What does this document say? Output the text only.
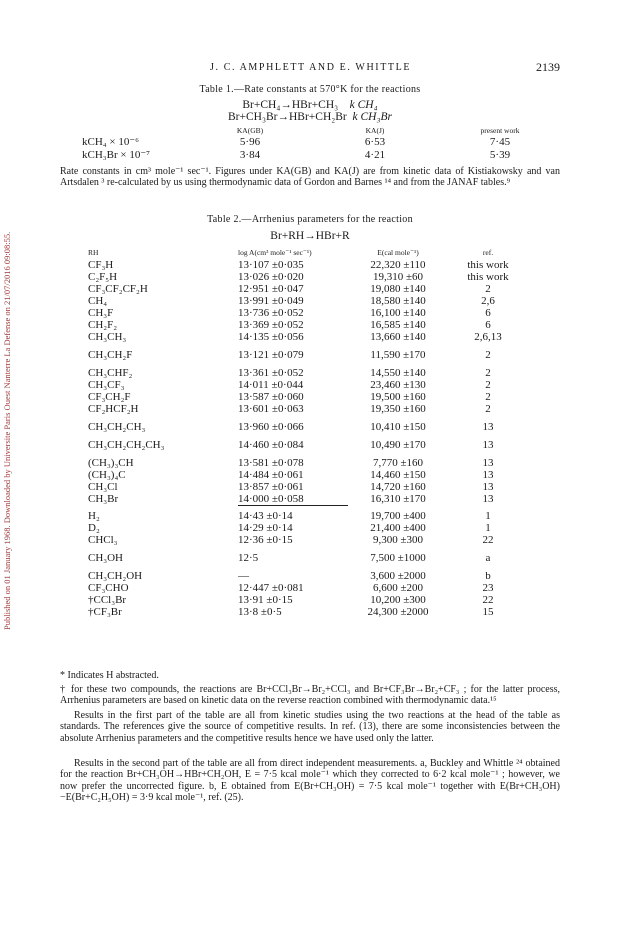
Published on 01 January 1968. Downloaded by Universite Paris Ouest Nanterre La Defense on 21/07/2016 09:08:55.
J. C. AMPHLETT AND E. WHITTLE	2139
Table 1.—Rate constants at 570°K for the reactions
Br+CH₄→HBr+CH₃ k CH₄
Br+CH₃Br→HBr+CH₂Br k CH₃Br
	KA(GB)	KA(J)	present work
kCH₄ × 10⁻⁶	5·96	6·53	7·45
kCH₃Br × 10⁻⁷	3·84	4·21	5·39
Rate constants in cm³ mole⁻¹ sec⁻¹. Figures under KA(GB) and KA(J) are from kinetic data of Kistiakowsky and van Artsdalen ³ re-calculated by us using thermodynamic data of Gordon and Barnes ¹⁴ and from the JANAF tables.⁹
Table 2.—Arrhenius parameters for the reaction
Br+RH→HBr+R
RH	log A(cm³ mole⁻¹ sec⁻¹)	E(cal mole⁻¹)	ref.
CF₃H	13·107 ±0·035	22,320 ±110	this work
C₂F₅H	13·026 ±0·020	19,310 ±60	this work
CF₃CF₂CF₂H	12·951 ±0·047	19,080 ±140	2
CH₄	13·991 ±0·049	18,580 ±140	2,6
CH₃F	13·736 ±0·052	16,100 ±140	6
CH₂F₂	13·369 ±0·052	16,585 ±140	6
CH₃CH₃	14·135 ±0·056	13,660 ±140	2,6,13
CH₃CH₂F	13·121 ±0·079	11,590 ±170	2
CH₃CHF₂	13·361 ±0·052	14,550 ±140	2
CH₃CF₃	14·011 ±0·044	23,460 ±130	2
CF₃CH₂F	13·587 ±0·060	19,500 ±160	2
CF₂HCF₂H	13·601 ±0·063	19,350 ±160	2
CH₃CH₂CH₃	13·960 ±0·066	10,410 ±150	13
CH₃CH₂CH₂CH₃	14·460 ±0·084	10,490 ±170	13
(CH₃)₃CH	13·581 ±0·078	7,770 ±160	13
(CH₃)₄C	14·484 ±0·061	14,460 ±150	13
CH₃Cl	13·857 ±0·061	14,720 ±160	13
CH₃Br	14·000 ±0·058	16,310 ±170	13
H₂	14·43 ±0·14	19,700 ±400	1
D₂	14·29 ±0·14	21,400 ±400	1
CHCl₃	12·36 ±0·15	9,300 ±300	22
CH₃OH	12·5	7,500 ±1000	a
CH₃CH₂OH	—	3,600 ±2000	b
CF₃CHO	12·447 ±0·081	6,600 ±200	23
†CCl₃Br	13·91 ±0·15	10,200 ±300	22
†CF₃Br	13·8 ±0·5	24,300 ±2000	15
* Indicates H abstracted.
† for these two compounds, the reactions are Br+CCl₃Br→Br₂+CCl₃ and Br+CF₃Br→Br₂+CF₃ ; for the latter process, Arrhenius parameters are based on kinetic data on the reverse reaction combined with thermodynamic data.¹⁵
Results in the first part of the table are all from kinetic studies using the two reactions at the head of the table as standards. The references give the source of competitive results. In ref. (13), there are some inconsistencies between the absolute Arrhenius parameters and the competitive results hence we have used only the latter.
Results in the second part of the table are all from direct independent measurements. a, Buckley and Whittle ²⁴ obtained for the reaction Br+CH₃OH→HBr+CH₂OH, E = 7·5 kcal mole⁻¹ which they corrected to 6·2 kcal mole⁻¹ ; however, we now prefer the uncorrected figure. b, E obtained from E(Br+CH₃OH) = 7·5 kcal mole⁻¹ together with E(Br+CH₃OH)−E(Br+C₂H₅OH) = 3·9 kcal mole⁻¹, ref. (25).
